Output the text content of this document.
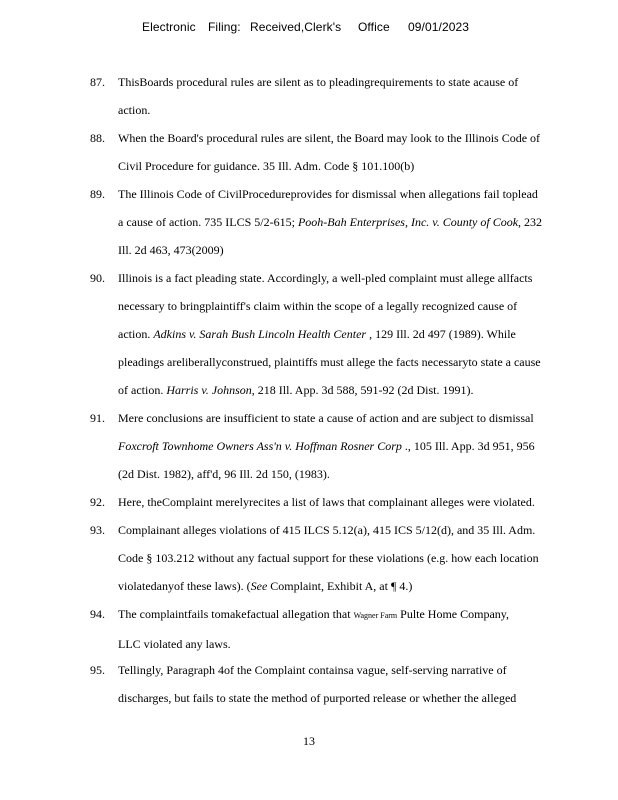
Electronic Filing: Received,Clerk's Office 09/01/2023
87.	ThisBoards procedural rules are silent as to pleadingrequirements to state acause of
action.
88.	When the Board's procedural rules are silent, the Board may look to the Illinois Code of
Civil Procedure for guidance. 35 Ill. Adm. Code § 101.100(b)
89.	The Illinois Code of CivilProcedureprovides for dismissal when allegations fail toplead
a cause of action. 735 ILCS 5/2-615; Pooh-Bah Enterprises, Inc. v. County of Cook, 232
Ill. 2d 463, 473(2009)
90.	Illinois is a fact pleading state. Accordingly, a well-pled complaint must allege allfacts
necessary to bringplaintiff's claim within the scope of a legally recognized cause of
action. Adkins v. Sarah Bush Lincoln Health Center , 129 Ill. 2d 497 (1989). While
pleadings areliberallyconstrued, plaintiffs must allege the facts necessaryto state a cause
of action. Harris v. Johnson, 218 Ill. App. 3d 588, 591-92 (2d Dist. 1991).
91.	Mere conclusions are insufficient to state a cause of action and are subject to dismissal
Foxcroft Townhome Owners Ass'n v. Hoffman Rosner Corp ., 105 Ill. App. 3d 951, 956
(2d Dist. 1982), aff'd, 96 Ill. 2d 150, (1983).
92.	Here, theComplaint merelyrecites a list of laws that complainant alleges were violated.
93.	Complainant alleges violations of 415 ILCS 5.12(a), 415 ICS 5/12(d), and 35 Ill. Adm.
Code § 103.212 without any factual support for these violations (e.g. how each location
violatedanyof these laws). (See Complaint, Exhibit A, at ¶ 4.)
94.	The complaintfails tomakefactual allegation that Wagner Farm Pulte Home Company,
LLC violated any laws.
95.	Tellingly, Paragraph 4of the Complaint containsa vague, self-serving narrative of
discharges, but fails to state the method of purported release or whether the alleged
13
